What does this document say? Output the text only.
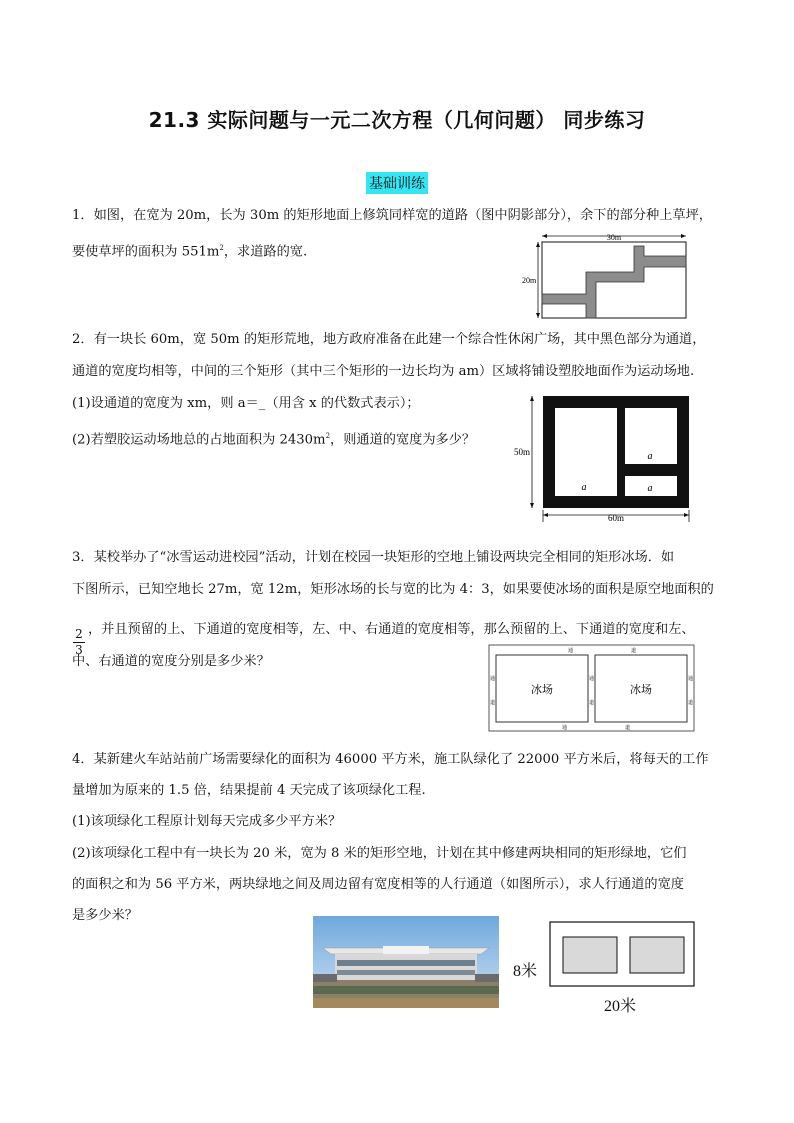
21.3 实际问题与一元二次方程（几何问题） 同步练习
基础训练
1．如图，在宽为 20m，长为 30m 的矩形地面上修筑同样宽的道路（图中阴影部分），余下的部分种上草坪，
要使草坪的面积为 $551m^2$，求道路的宽.
30m
20m
2．有一块长 60m，宽 50m 的矩形荒地，地方政府准备在此建一个综合性休闲广场，其中黑色部分为通道，
通道的宽度均相等，中间的三个矩形（其中三个矩形的一边长均为 am）区域将铺设塑胶地面作为运动场地.
(1)设通道的宽度为 xm，则 a＝_（用含 x 的代数式表示）；
(2)若塑胶运动场地总的占地面积为 $2430m^2$，则通道的宽度为多少？
50m	a
a	a
60m
3．某校举办了“冰雪运动进校园”活动，计划在校园一块矩形的空地上铺设两块完全相同的矩形冰场．如
下图所示，已知空地长 27m，宽 12m，矩形冰场的长与宽的比为 4：3，如果要使冰场的面积是原空地面积的
2
3
，并且预留的上、下通道的宽度相等，左、中、右通道的宽度相等，那么预留的上、下通道的宽度和左、
中、右通道的宽度分别是多少米？
冰场	冰场
通	道
通	道
通
道
通
道
通
道
4．某新建火车站站前广场需要绿化的面积为 46000 平方米，施工队绿化了 22000 平方米后，将每天的工作
量增加为原来的 1.5 倍，结果提前 4 天完成了该项绿化工程.
(1)该项绿化工程原计划每天完成多少平方米？
(2)该项绿化工程中有一块长为 20 米，宽为 8 米的矩形空地，计划在其中修建两块相同的矩形绿地，它们
的面积之和为 56 平方米，两块绿地之间及周边留有宽度相等的人行通道（如图所示），求人行通道的宽度
是多少米？
8米
20米
